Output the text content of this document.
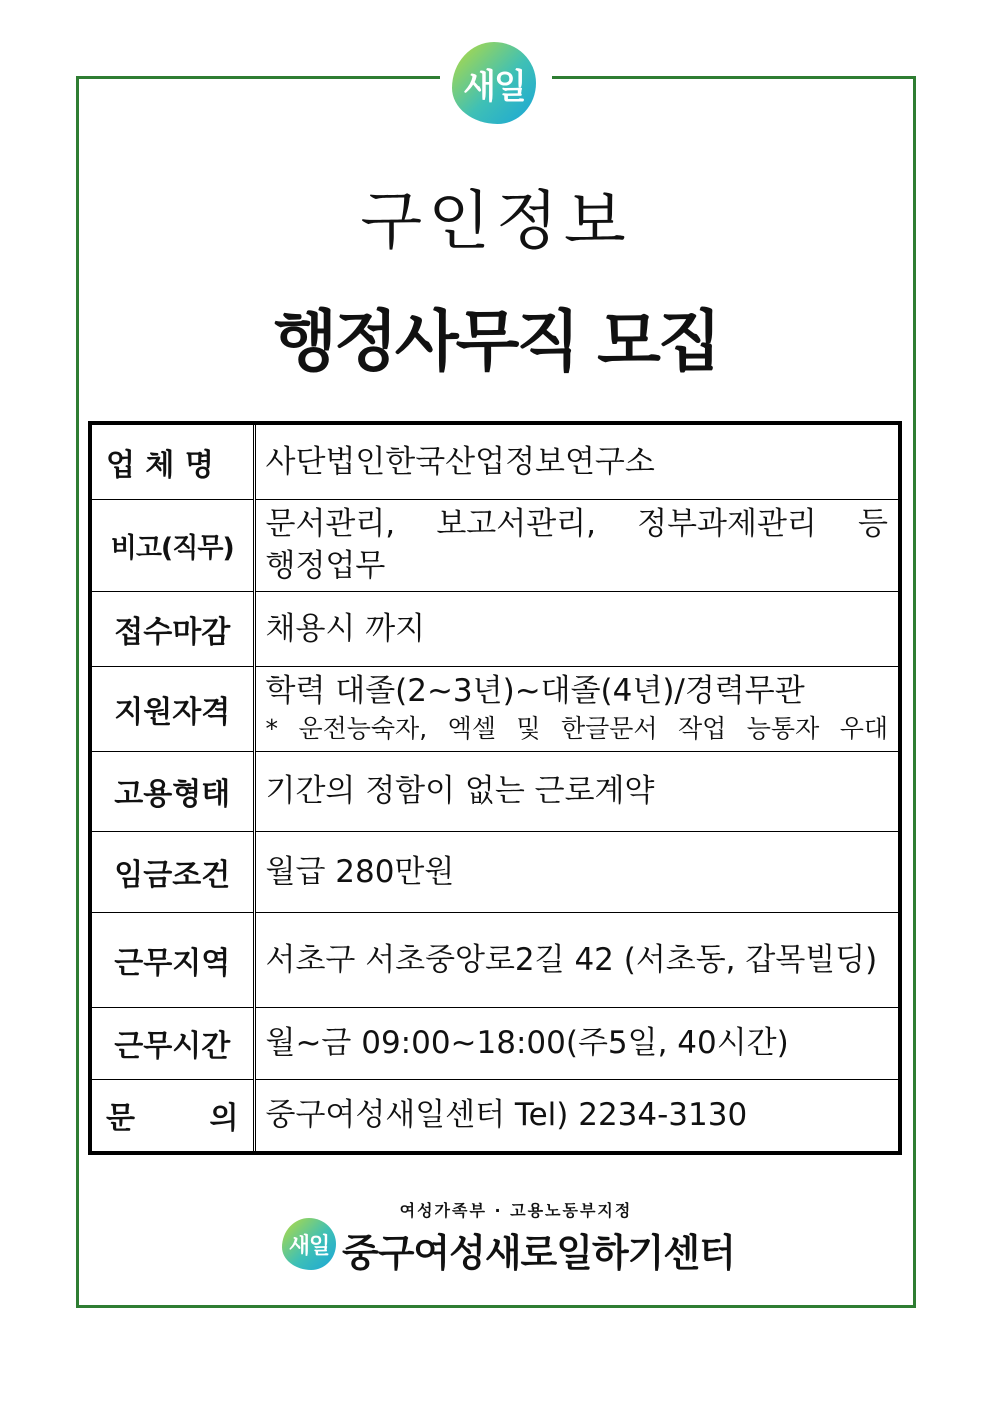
새일
구인정보
행정사무직 모집
업 체 명	사단법인한국산업정보연구소
비고(직무)	문서관리, 보고서관리, 정부과제관리 등
행정업무

접수마감	채용시 까지
지원자격	학력 대졸(2~3년)~대졸(4년)/경력무관
* 운전능숙자, 엑셀 및 한글문서 작업 능통자 우대

고용형태	기간의 정함이 없는 근로계약
임금조건	월급 280만원
근무지역	서초구 서초중앙로2길 42 (서초동, 갑목빌딩)
근무시간	월~금 09:00~18:00(주5일, 40시간)

문 의	중구여성새일센터 Tel) 2234-3130
여성가족부 · 고용노동부지정
새일 중구여성새로일하기센터
